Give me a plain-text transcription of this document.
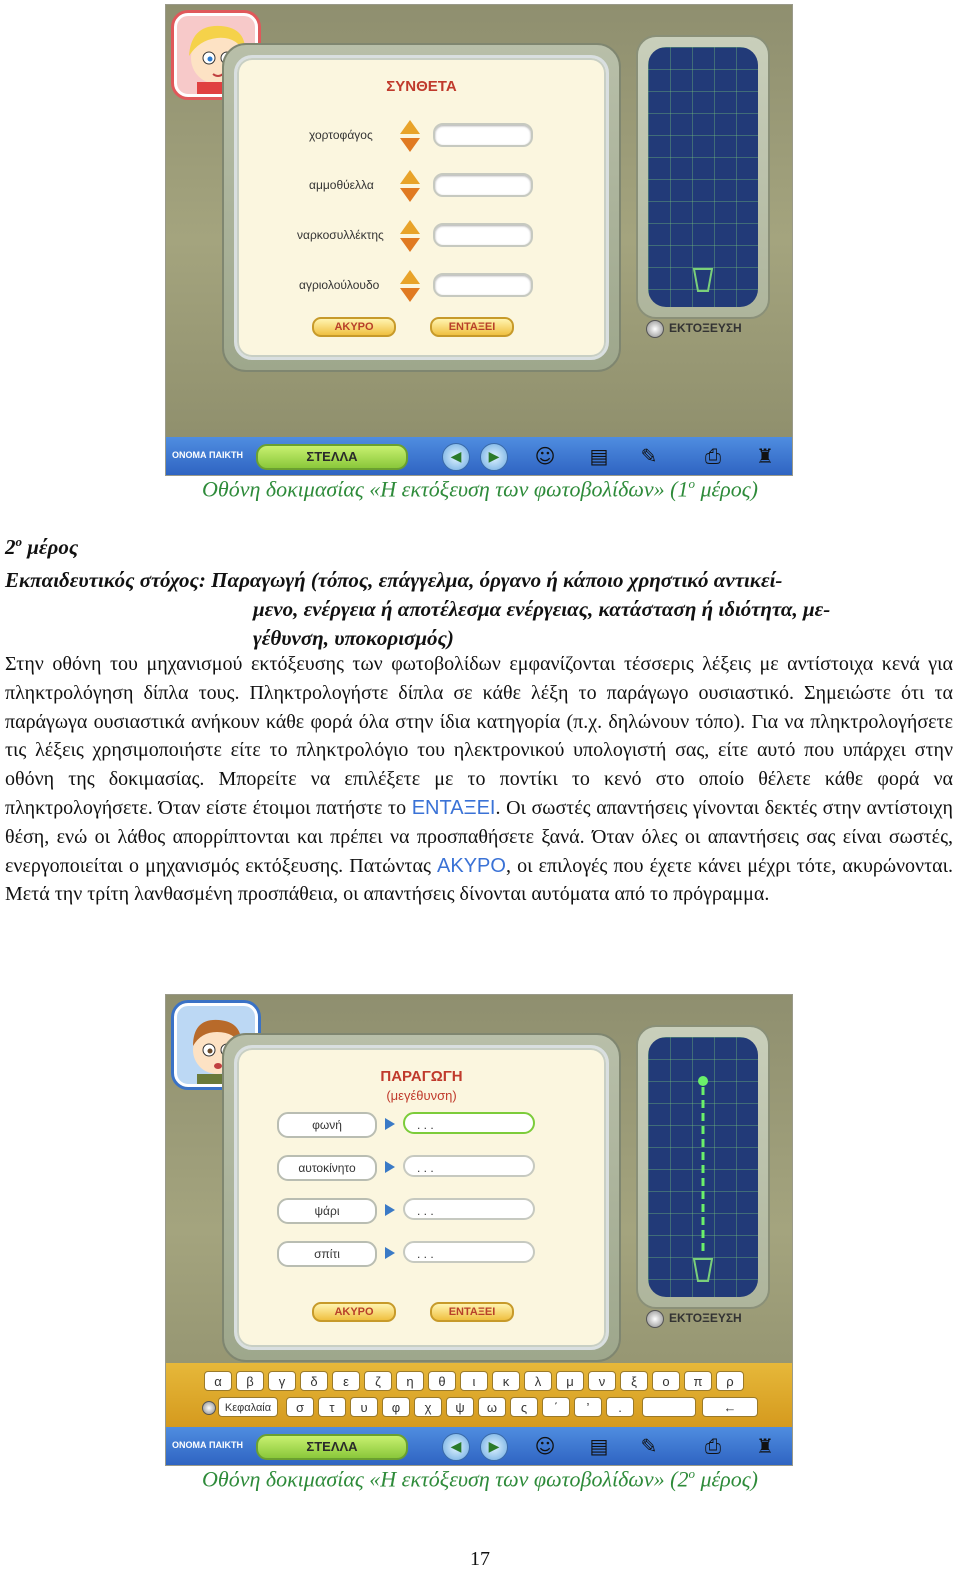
ΣΥΝΘΕΤΑ
χορτοφάγος
αμμοθύελλα
ναρκοσυλλέκτης
αγριολούλουδο
ΑΚΥΡΟ	ΕΝΤΑΞΕΙ	ΕΚΤΟΞΕΥΣΗ
ΟΝΟΜΑ ΠΑΙΚΤΗ	ΣΤΕΛΛΑ	◀	▶	☺ ▤	✎	⎙	♜
Οθόνη δοκιμασίας «Η εκτόξευση των φωτοβολίδων» ($1^o$ μέρος)
$2^o$ μέρος
Εκπαιδευτικός στόχος: Παραγωγή (τόπος, επάγγελμα, όργανο ή κάποιο χρηστικό αντικεί-
μενο, ενέργεια ή αποτέλεσμα ενέργειας, κατάσταση ή ιδιότητα, με-
γέθυνση, υποκορισμός)
Στην οθόνη του μηχανισμού εκτόξευσης των φωτοβολίδων εμφανίζονται τέσσερις λέξεις με αντίστοιχα κενά για πληκτρολόγηση δίπλα τους. Πληκτρολογήστε δίπλα σε κάθε λέξη το παράγωγο ουσιαστικό. Σημειώστε ότι τα παράγωγα ουσιαστικά ανήκουν κάθε φορά όλα στην ίδια κατηγορία (π.χ. δηλώνουν τόπο). Για να πληκτρολογήσετε τις λέξεις χρησιμοποιήστε είτε το πληκτρολόγιο του ηλεκτρονικού υπολογιστή σας, είτε αυτό που υπάρχει στην οθόνη της δοκιμασίας. Μπορείτε να επιλέξετε με το ποντίκι το κενό στο οποίο θέλετε κάθε φορά να πληκτρολογήσετε. Όταν είστε έτοιμοι πατήστε το ΕΝΤΑΞΕΙ. Οι σωστές απαντήσεις γίνονται δεκτές στην αντίστοιχη θέση, ενώ οι λάθος απορρίπτονται και πρέπει να προσπαθήσετε ξανά. Όταν όλες οι απαντήσεις σας είναι σωστές, ενεργοποιείται ο μηχανισμός εκτόξευσης. Πατώντας ΑΚΥΡΟ, οι επιλογές που έχετε κάνει μέχρι τότε, ακυρώνονται. Μετά την τρίτη λανθασμένη προσπάθεια, οι απαντήσεις δίνονται αυτόματα από το πρόγραμμα.
ΠΑΡΑΓΩΓΗ
(μεγέθυνση)
φωνή	. . .
αυτοκίνητο	. . .
ψάρι	. . .
σπίτι	. . .
ΑΚΥΡΟ	ΕΝΤΑΞΕΙ	ΕΚΤΟΞΕΥΣΗ
α	β	γ	δ	ε	ζ	η	θ	ι	κ	λ	μ	ν	ξ	ο	π	ρ
Κεφαλαία	σ	τ	υ	φ	χ	ψ	ω	ς	΄	’	.	←
ΟΝΟΜΑ ΠΑΙΚΤΗ	ΣΤΕΛΛΑ	◀	▶	☺ ▤	✎	⎙	♜
Οθόνη δοκιμασίας «Η εκτόξευση των φωτοβολίδων» ($2^o$ μέρος)
17
